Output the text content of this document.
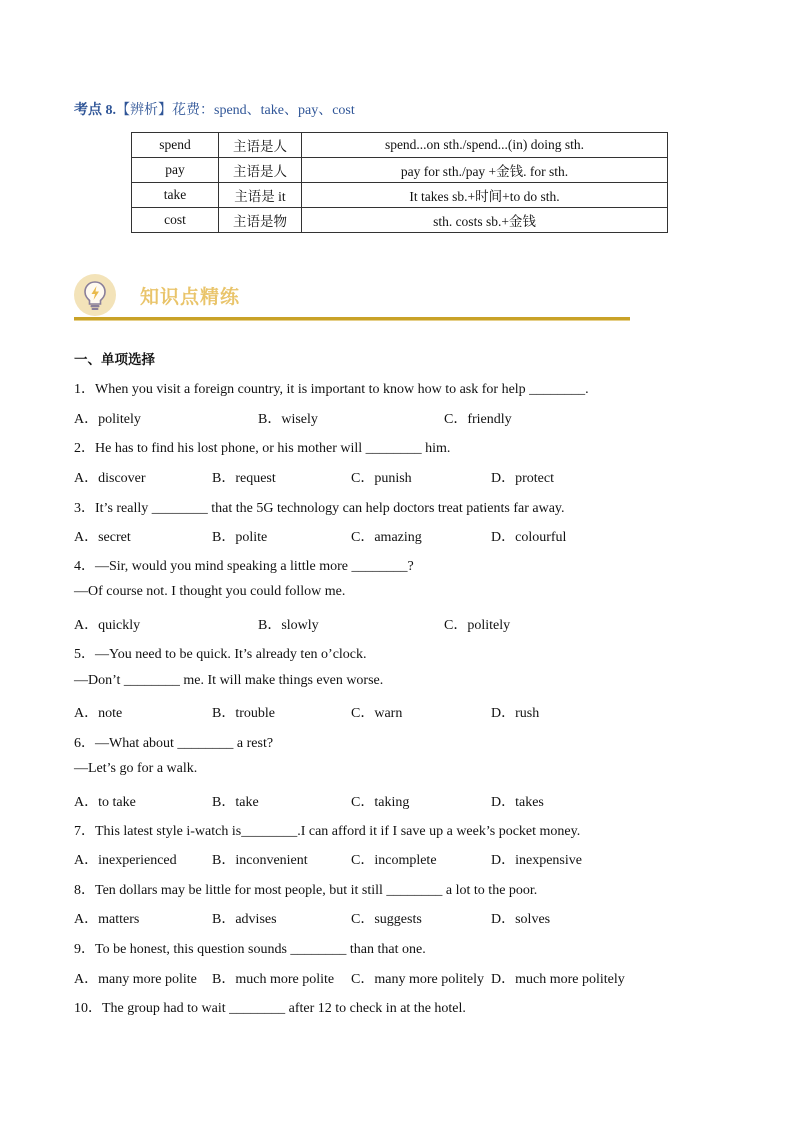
考点 8.【辨析】花费：spend、take、pay、cost
spend	主语是人	spend...on sth./spend...(in) doing sth.
pay	主语是人	pay for sth./pay +金钱. for sth.
take	主语是 it	It takes sb.+时间+to do sth.
cost	主语是物	sth. costs sb.+金钱
知识点精练
一、单项选择
1．When you visit a foreign country, it is important to know how to ask for help ________.
A．politely	B．wisely	C．friendly
2．He has to find his lost phone, or his mother will ________ him.
A．discover	B．request	C．punish	D．protect
3．It’s really ________ that the 5G technology can help doctors treat patients far away.
A．secret	B．polite	C．amazing	D．colourful
4．—Sir, would you mind speaking a little more ________?
—Of course not. I thought you could follow me.
A．quickly	B．slowly	C．politely
5．—You need to be quick. It’s already ten o’clock.
—Don’t ________ me. It will make things even worse.
A．note	B．trouble	C．warn	D．rush
6．—What about ________ a rest?
—Let’s go for a walk.
A．to take	B．take	C．taking	D．takes
7．This latest style i-watch is________.I can afford it if I save up a week’s pocket money.
A．inexperienced	B．inconvenient	C．incomplete	D．inexpensive
8．Ten dollars may be little for most people, but it still ________ a lot to the poor.
A．matters	B．advises	C．suggests	D．solves
9．To be honest, this question sounds ________ than that one.
A．many more polite B．much more polite C．many more politely D．much more politely
10．The group had to wait ________ after 12 to check in at the hotel.
